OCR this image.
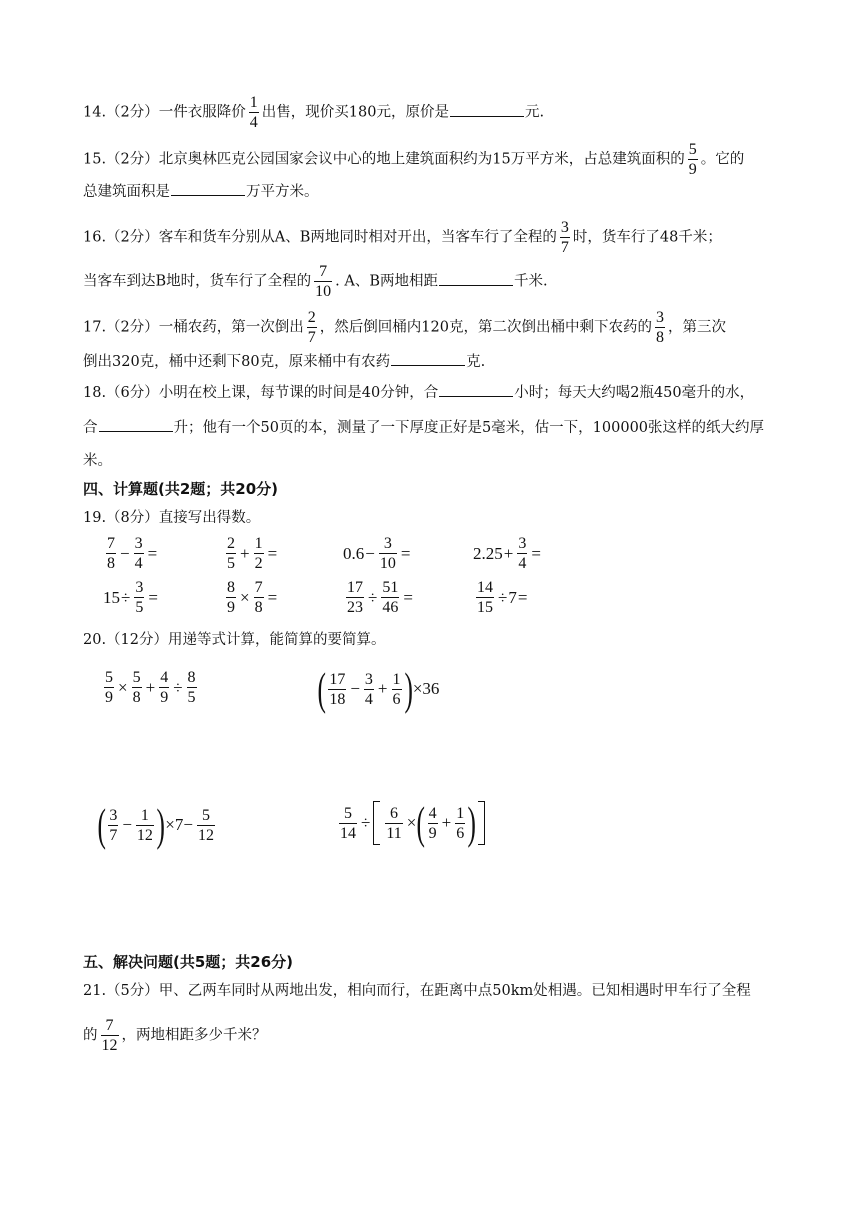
14.（2分）一件衣服降价 $\frac{1}{4}$ 出售，现价买180元，原价是	元.
15.（2分）北京奥林匹克公园国家会议中心的地上建筑面积约为15万平方米，占总建筑面积的 $\frac{5}{9}$ 。它的
总建筑面积是	万平方米。
16.（2分）客车和货车分别从A、B两地同时相对开出，当客车行了全程的 $\frac{3}{7}$ 时，货车行了48千米；
当客车到达B地时，货车行了全程的 $\frac{7}{10}$ . A、B两地相距	千米.
17.（2分）一桶农药，第一次倒出 $\frac{2}{7}$ ，然后倒回桶内120克，第二次倒出桶中剩下农药的 $\frac{3}{8}$ ，第三次
倒出320克，桶中还剩下80克，原来桶中有农药	克.
18.（6分）小明在校上课，每节课的时间是40分钟，合	小时；每天大约喝2瓶450毫升的水，
合	升；他有一个50页的本，测量了一下厚度正好是5毫米，估一下，100000张这样的纸大约厚
米。
四、计算题(共2题；共20分)
19.（8分）直接写出得数。
$\frac{7}{8} - \frac{3}{4}$ =	$\frac{2}{5} + \frac{1}{2}$ =	$0.6 - \frac{3}{10}$ =	$2.25 + \frac{3}{4}$ =
$15 \div \frac{3}{5}$ =	$\frac{8}{9} \times \frac{7}{8}$ =	$\frac{17}{23} \div \frac{51}{46}$ =	$\frac{14}{15} \div 7$ =
20.（12分）用递等式计算，能简算的要简算。
$\frac{5}{9} \times \frac{5}{8} + \frac{4}{9} \div \frac{8}{5}$	( $\frac{17}{18} - \frac{3}{4} + \frac{1}{6}$ ) ×36
( $\frac{3}{7} - \frac{1}{12}$ ) $\times 7- \frac{5}{12}$	$\frac{5}{14} \div \frac{6}{11}$ × ( $\frac{4}{9} + \frac{1}{6}$ )
五、解决问题(共5题；共26分)
21.（5分）甲、乙两车同时从两地出发，相向而行，在距离中点50km处相遇。已知相遇时甲车行了全程
的 $\frac{7}{12}$ ，两地相距多少千米？
